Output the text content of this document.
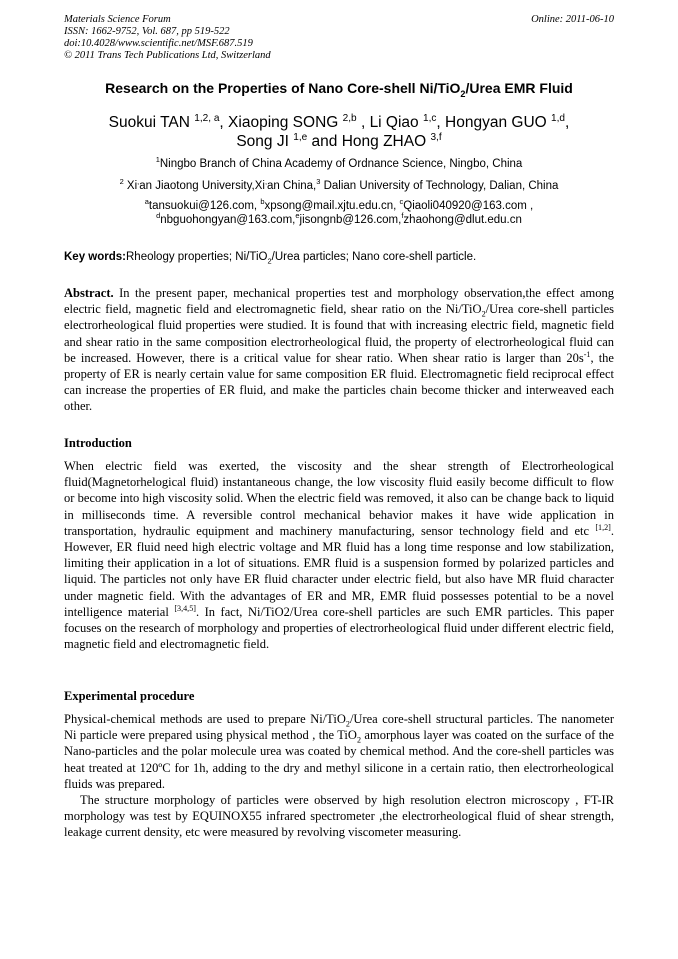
Materials Science Forum
ISSN: 1662-9752, Vol. 687, pp 519-522
doi:10.4028/www.scientific.net/MSF.687.519
© 2011 Trans Tech Publications Ltd, Switzerland
Online: 2011-06-10
Research on the Properties of Nano Core-shell Ni/TiO$_2$/Urea EMR Fluid
Suokui TAN $^{1,2, a}$, Xiaoping SONG $^{2,b}$ , Li Qiao $^{1,c}$, Hongyan GUO $^{1,d}$,
Song JI $^{1,e}$ and Hong ZHAO $^{3,f}$
$^1$Ningbo Branch of China Academy of Ordnance Science, Ningbo, China
$^2$ Xi,an Jiaotong University,Xi,an China,$^3$ Dalian University of Technology, Dalian, China
$^a$tansuokui@126.com, $^b$xpsong@mail.xjtu.edu.cn, $^c$Qiaoli040920@163.com ,
$^d$nbguohongyan@163.com,$^e$jisongnb@126.com,$^f$zhaohong@dlut.edu.cn
Key words:Rheology properties; Ni/TiO$_2$/Urea particles; Nano core-shell particle.
Abstract. In the present paper, mechanical properties test and morphology observation,the effect among electric field, magnetic field and electromagnetic field, shear ratio on the Ni/TiO$_2$/Urea core-shell particles electrorheological fluid properties were studied. It is found that with increasing electric field, magnetic field and shear ratio in the same composition electrorheological fluid, the property of electrorheological fluid can be increased. However, there is a critical value for shear ratio. When shear ratio is larger than $20s^{-1}$, the property of ER is nearly certain value for same composition ER fluid. Electromagnetic field reciprocal effect can increase the properties of ER fluid, and make the particles chain become thicker and interweaved each other.
Introduction
When electric field was exerted, the viscosity and the shear strength of Electrorheological fluid(Magnetorhelogical fluid) instantaneous change, the low viscosity fluid easily become difficult to flow or become into high viscosity solid. When the electric field was removed, it also can be change back to liquid in milliseconds time. A reversible control mechanical behavior makes it have wide application in transportation, hydraulic equipment and machinery manufacturing, sensor technology field and etc [1,2]. However, ER fluid need high electric voltage and MR fluid has a long time response and low stabilization, limiting their application in a lot of situations. EMR fluid is a suspension formed by polarized particles and liquid. The particles not only have ER fluid character under electric field, but also have MR fluid character under magnetic field. With the advantages of ER and MR, EMR fluid possesses potential to be a novel intelligence material [3,4,5]. In fact, Ni/TiO2/Urea core-shell particles are such EMR particles. This paper focuses on the research of morphology and properties of electrorheological fluid under different electric field, magnetic field and electromagnetic field.
Experimental procedure
Physical-chemical methods are used to prepare Ni/TiO$_2$/Urea core-shell structural particles. The nanometer Ni particle were prepared using physical method , the TiO$_2$ amorphous layer was coated on the surface of the Nano-particles and the polar molecule urea was coated by chemical method. And the core-shell particles was heat treated at 120ºC for 1h, adding to the dry and methyl silicone in a certain ratio, then electrorheological fluids was prepared.
The structure morphology of particles were observed by high resolution electron microscopy , FT-IR morphology was test by EQUINOX55 infrared spectrometer ,the electrorheological fluid of shear strength, leakage current density, etc were measured by revolving viscometer measuring.
